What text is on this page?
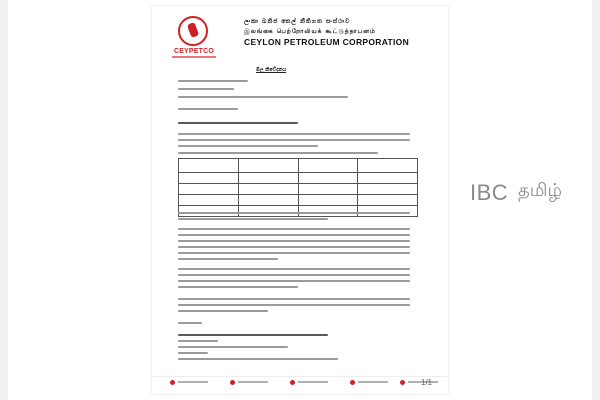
CEYPETCO
ලංකා ඛනිජ තෙල් නීතිගත සංස්ථාව
இலங்கை பெற்றோலியக் கூட்டுத்தாபனம்
CEYLON PETROLEUM CORPORATION
මිල නිවේදනය

1/1
IBC தமிழ்
